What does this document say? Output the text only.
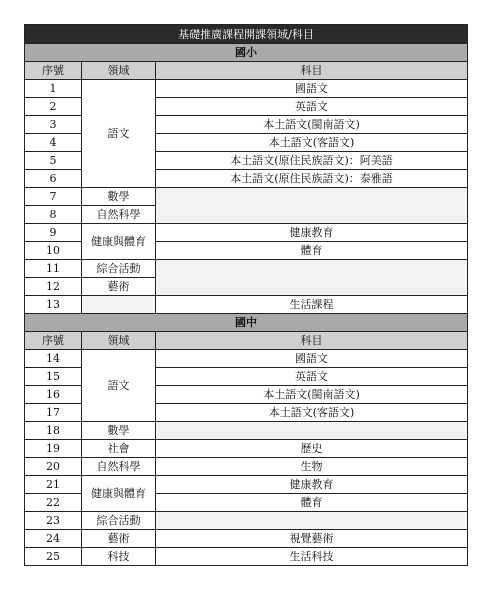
基礎推廣課程開課領域/科目		
國小		
序號	領域	科目
1	語文	國語文
2		英語文
3		本土語文(閩南語文)
4		本土語文(客語文)
5		本土語文(原住民族語文)：阿美語
6		本土語文(原住民族語文)：泰雅語
7	數學	
8	自然科學	
9	健康與體育	健康教育
10		體育
11	綜合活動	
12	藝術	
13		生活課程
國中		
序號	領域	科目
14	語文	國語文
15		英語文
16		本土語文(閩南語文)
17		本土語文(客語文)
18	數學	
19	社會	歷史
20	自然科學	生物
21	健康與體育	健康教育
22		體育
23	綜合活動	
24	藝術	視覺藝術
25	科技	生活科技
